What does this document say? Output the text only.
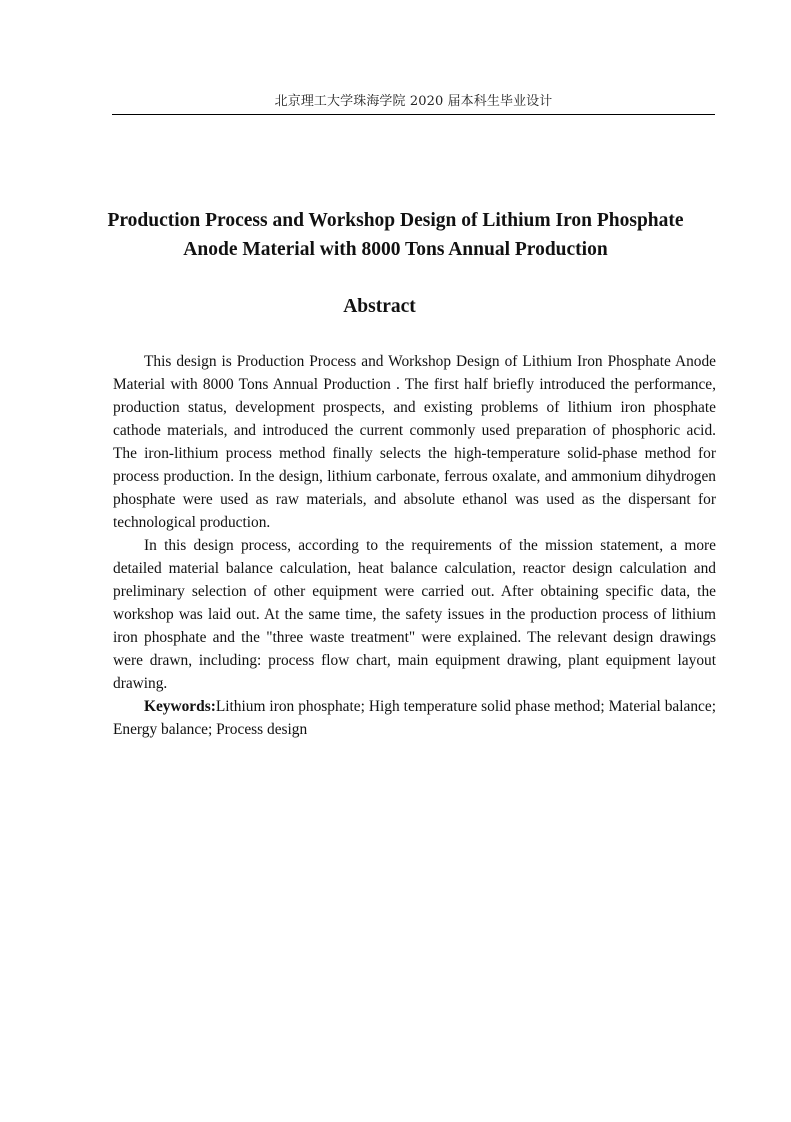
北京理工大学珠海学院 2020 届本科生毕业设计
Production Process and Workshop Design of Lithium Iron Phosphate
Anode Material with 8000 Tons Annual Production
Abstract

This design is Production Process and Workshop Design of Lithium Iron Phosphate Anode Material with 8000 Tons Annual Production . The first half briefly introduced the performance, production status, development prospects, and existing problems of lithium iron phosphate cathode materials, and introduced the current commonly used preparation of phosphoric acid. The iron-lithium process method finally selects the high-temperature solid-phase method for process production. In the design, lithium carbonate, ferrous oxalate, and ammonium dihydrogen phosphate were used as raw materials, and absolute ethanol was used as the dispersant for technological production.

In this design process, according to the requirements of the mission statement, a more detailed material balance calculation, heat balance calculation, reactor design calculation and preliminary selection of other equipment were carried out. After obtaining specific data, the workshop was laid out. At the same time, the safety issues in the production process of lithium iron phosphate and the "three waste treatment" were explained. The relevant design drawings were drawn, including: process flow chart, main equipment drawing, plant equipment layout drawing.

Keywords:Lithium iron phosphate; High temperature solid phase method; Material balance; Energy balance; Process design
